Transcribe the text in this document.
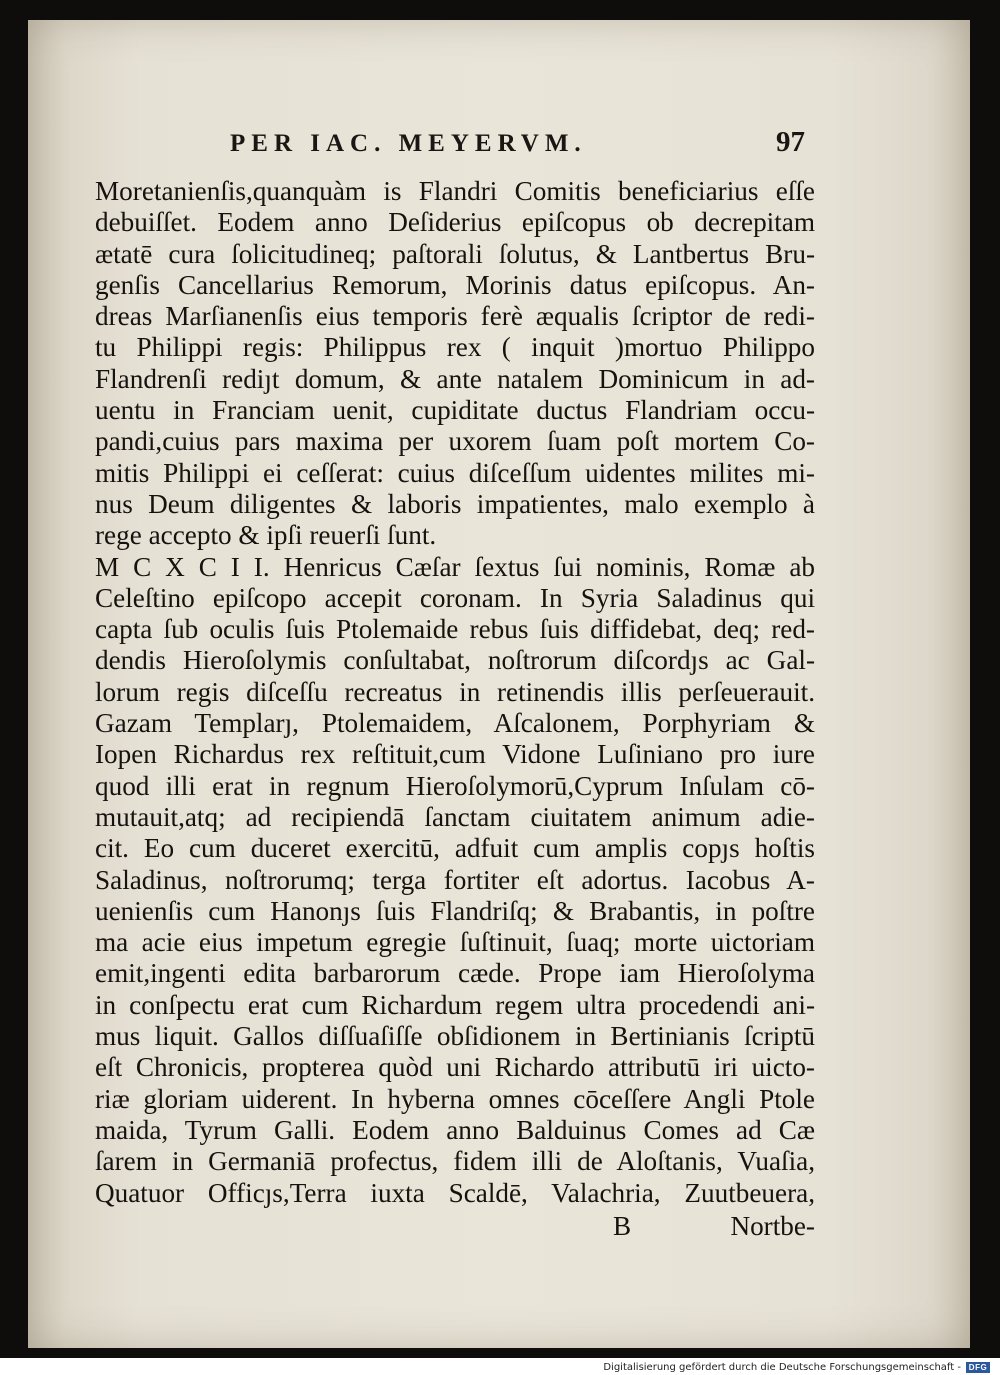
PER IAC. MEYERVM.	97
Moretanienſis,quanquàm is Flandri Comitis beneficiarius eſſe
debuiſſet. Eodem anno Deſiderius epiſcopus ob decrepitam
ætatē cura ſolicitudineq; paſtorali ſolutus, & Lantbertus Bru-
genſis Cancellarius Remorum, Morinis datus epiſcopus. An-
dreas Marſianenſis eius temporis ferè æqualis ſcriptor de redi-
tu Philippi regis: Philippus rex ( inquit )mortuo Philippo
Flandrenſi rediȷt domum, & ante natalem Dominicum in ad-
uentu in Franciam uenit, cupiditate ductus Flandriam occu-
pandi,cuius pars maxima per uxorem ſuam poſt mortem Co-
mitis Philippi ei ceſſerat: cuius diſceſſum uidentes milites mi-
nus Deum diligentes & laboris impatientes, malo exemplo à
rege accepto & ipſi reuerſi ſunt.
M C X C I I. Henricus Cæſar ſextus ſui nominis, Romæ ab
Celeſtino epiſcopo accepit coronam. In Syria Saladinus qui
capta ſub oculis ſuis Ptolemaide rebus ſuis diffidebat, deq; red-
dendis Hieroſolymis conſultabat, noſtrorum diſcordȷs ac Gal-
lorum regis diſceſſu recreatus in retinendis illis perſeuerauit.
Gazam Templarȷ, Ptolemaidem, Aſcalonem, Porphyriam &
Iopen Richardus rex reſtituit,cum Vidone Luſiniano pro iure
quod illi erat in regnum Hieroſolymorū,Cyprum Inſulam cō-
mutauit,atq; ad recipiendā ſanctam ciuitatem animum adie-
cit. Eo cum duceret exercitū, adfuit cum amplis copȷs hoſtis
Saladinus, noſtrorumq; terga fortiter eſt adortus. Iacobus A-
uenienſis cum Hanonȷs ſuis Flandriſq; & Brabantis, in poſtre
ma acie eius impetum egregie ſuſtinuit, ſuaq; morte uictoriam
emit,ingenti edita barbarorum cæde. Prope iam Hieroſolyma
in conſpectu erat cum Richardum regem ultra procedendi ani-
mus liquit. Gallos diſſuaſiſſe obſidionem in Bertinianis ſcriptū
eſt Chronicis, propterea quòd uni Richardo attributū iri uicto-
riæ gloriam uiderent. In hyberna omnes cōceſſere Angli Ptole
maida, Tyrum Galli. Eodem anno Balduinus Comes ad Cæ
ſarem in Germaniā profectus, fidem illi de Aloſtanis, Vuaſia,
Quatuor Officȷs,Terra iuxta Scaldē, Valachria, Zuutbeuera,
B	Nortbe-
Digitalisierung gefördert durch die Deutsche Forschungsgemeinschaft - DFG
